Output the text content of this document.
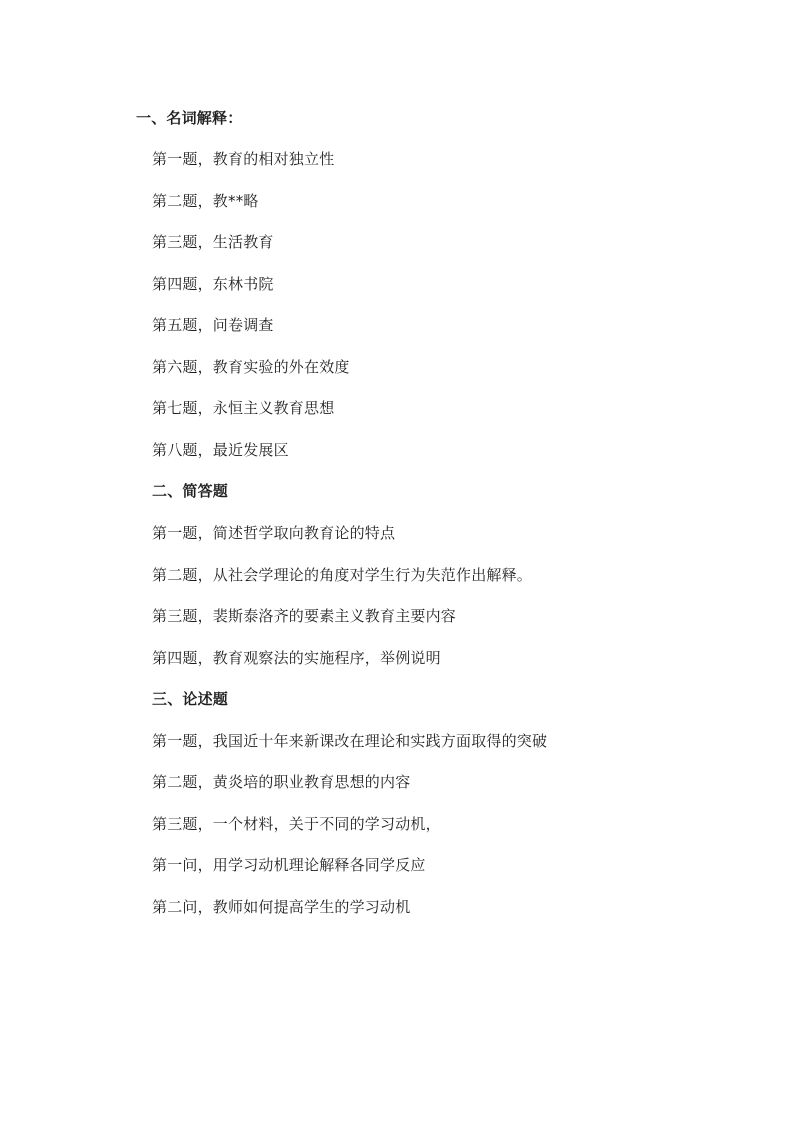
一、名词解释：
第一题，教育的相对独立性
第二题，教**略
第三题，生活教育
第四题，东林书院
第五题，问卷调查
第六题，教育实验的外在效度
第七题，永恒主义教育思想
第八题，最近发展区
二、简答题
第一题，简述哲学取向教育论的特点
第二题，从社会学理论的角度对学生行为失范作出解释。
第三题，裴斯泰洛齐的要素主义教育主要内容
第四题，教育观察法的实施程序，举例说明
三、论述题
第一题，我国近十年来新课改在理论和实践方面取得的突破
第二题，黄炎培的职业教育思想的内容
第三题，一个材料，关于不同的学习动机，
第一问，用学习动机理论解释各同学反应
第二问，教师如何提高学生的学习动机
